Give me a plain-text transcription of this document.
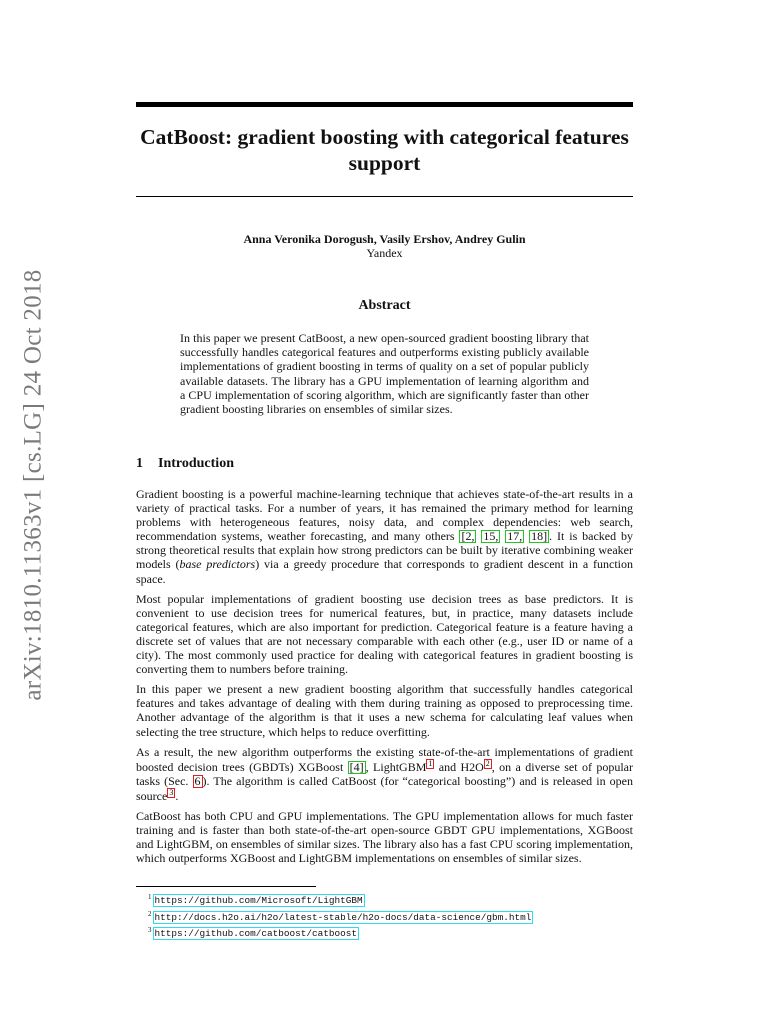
arXiv:1810.11363v1 [cs.LG] 24 Oct 2018
CatBoost: gradient boosting with categorical features
support
Anna Veronika Dorogush, Vasily Ershov, Andrey Gulin
Yandex
Abstract

In this paper we present CatBoost, a new open-sourced gradient boosting library that successfully handles categorical features and outperforms existing publicly available implementations of gradient boosting in terms of quality on a set of popular publicly available datasets. The library has a GPU implementation of learning algorithm and a CPU implementation of scoring algorithm, which are significantly faster than other gradient boosting libraries on ensembles of similar sizes.

1 Introduction

Gradient boosting is a powerful machine-learning technique that achieves state-of-the-art results in a variety of practical tasks. For a number of years, it has remained the primary method for learning problems with heterogeneous features, noisy data, and complex dependencies: web search, recommendation systems, weather forecasting, and many others [2, 15, 17, 18] . It is backed by strong theoretical results that explain how strong predictors can be built by iterative combining weaker models (base predictors) via a greedy procedure that corresponds to gradient descent in a function space.

Most popular implementations of gradient boosting use decision trees as base predictors. It is convenient to use decision trees for numerical features, but, in practice, many datasets include categorical features, which are also important for prediction. Categorical feature is a feature having a discrete set of values that are not necessary comparable with each other (e.g., user ID or name of a city). The most commonly used practice for dealing with categorical features in gradient boosting is converting them to numbers before training.

In this paper we present a new gradient boosting algorithm that successfully handles categorical features and takes advantage of dealing with them during training as opposed to preprocessing time. Another advantage of the algorithm is that it uses a new schema for calculating leaf values when selecting the tree structure, which helps to reduce overfitting.

As a result, the new algorithm outperforms the existing state-of-the-art implementations of gradient boosted decision trees (GBDTs) XGBoost [4] , LightGBM 1 and H2O 2 , on a diverse set of popular tasks (Sec. 6 ). The algorithm is called CatBoost (for “categorical boosting”) and is released in open source 3 .

CatBoost has both CPU and GPU implementations. The GPU implementation allows for much faster training and is faster than both state-of-the-art open-source GBDT GPU implementations, XGBoost and LightGBM, on ensembles of similar sizes. The library also has a fast CPU scoring implementation, which outperforms XGBoost and LightGBM implementations on ensembles of similar sizes.

$^1$ https://github.com/Microsoft/LightGBM
$^2$ http://docs.h2o.ai/h2o/latest-stable/h2o-docs/data-science/gbm.html
$^3$ https://github.com/catboost/catboost
